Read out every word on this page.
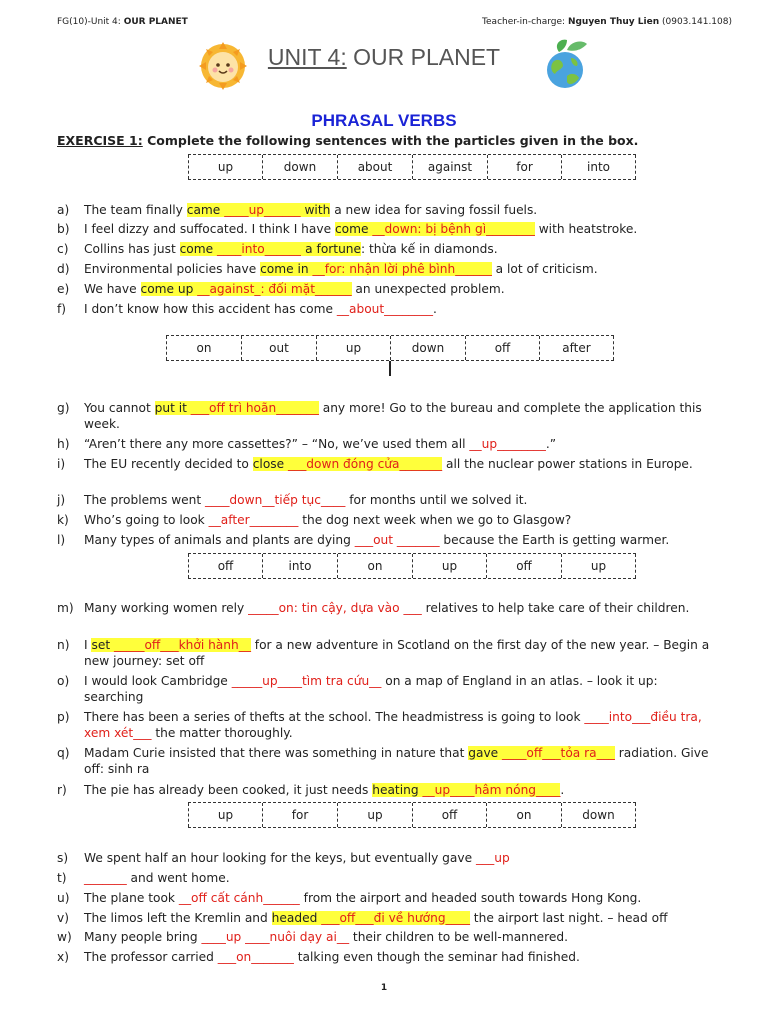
FG(10)-Unit 4: OUR PLANET	Teacher-in-charge: Nguyen Thuy Lien (0903.141.108)
UNIT 4: OUR PLANET
PHRASAL VERBS
EXERCISE 1: Complete the following sentences with the particles given in the box.
up	down	about	against	for	into
a) The team finally came ____up______ with a new idea for saving fossil fuels.
b) I feel dizzy and suffocated. I think I have come __down: bị bệnh gì________ with heatstroke.
c) Collins has just come ____into______ a fortune: thừa kế in diamonds.
d) Environmental policies have come in __for: nhận lời phê bình______ a lot of criticism.
e) We have come up __against_: đối mặt______ an unexpected problem.
f) I don’t know how this accident has come __about________.
on	out	up	down	off	after
g) You cannot put it ___off trì hoãn_______ any more! Go to the bureau and complete the application this week.
h) “Aren’t there any more cassettes?” – “No, we’ve used them all __up________.”
i) The EU recently decided to close ___down đóng cửa_______ all the nuclear power stations in Europe.
j) The problems went ____down__tiếp tục____ for months until we solved it.
k) Who’s going to look __after________ the dog next week when we go to Glasgow?
l) Many types of animals and plants are dying ___out _______ because the Earth is getting warmer.
off	into	on	up	off	up
m) Many working women rely _____on: tin cậy, dựa vào ___ relatives to help take care of their children.
n) I set _____off___khởi hành__ for a new adventure in Scotland on the first day of the new year. – Begin a new journey: set off
o) I would look Cambridge _____up____tìm tra cứu__ on a map of England in an atlas. – look it up: searching
p) There has been a series of thefts at the school. The headmistress is going to look ____into___điều tra, xem xét___ the matter thoroughly.
q) Madam Curie insisted that there was something in nature that gave ____off___tỏa ra___ radiation. Give off: sinh ra
r) The pie has already been cooked, it just needs heating __up____hâm nóng____.
up	for	up	off	on	down
s) We spent half an hour looking for the keys, but eventually gave ___up
t) _______ and went home.
u) The plane took __off cất cánh______ from the airport and headed south towards Hong Kong.
v) The limos left the Kremlin and headed ___off___đi về hướng____ the airport last night. – head off
w) Many people bring ____up ____nuôi dạy ai__ their children to be well-mannered.
x) The professor carried ___on_______ talking even though the seminar had finished.
1
